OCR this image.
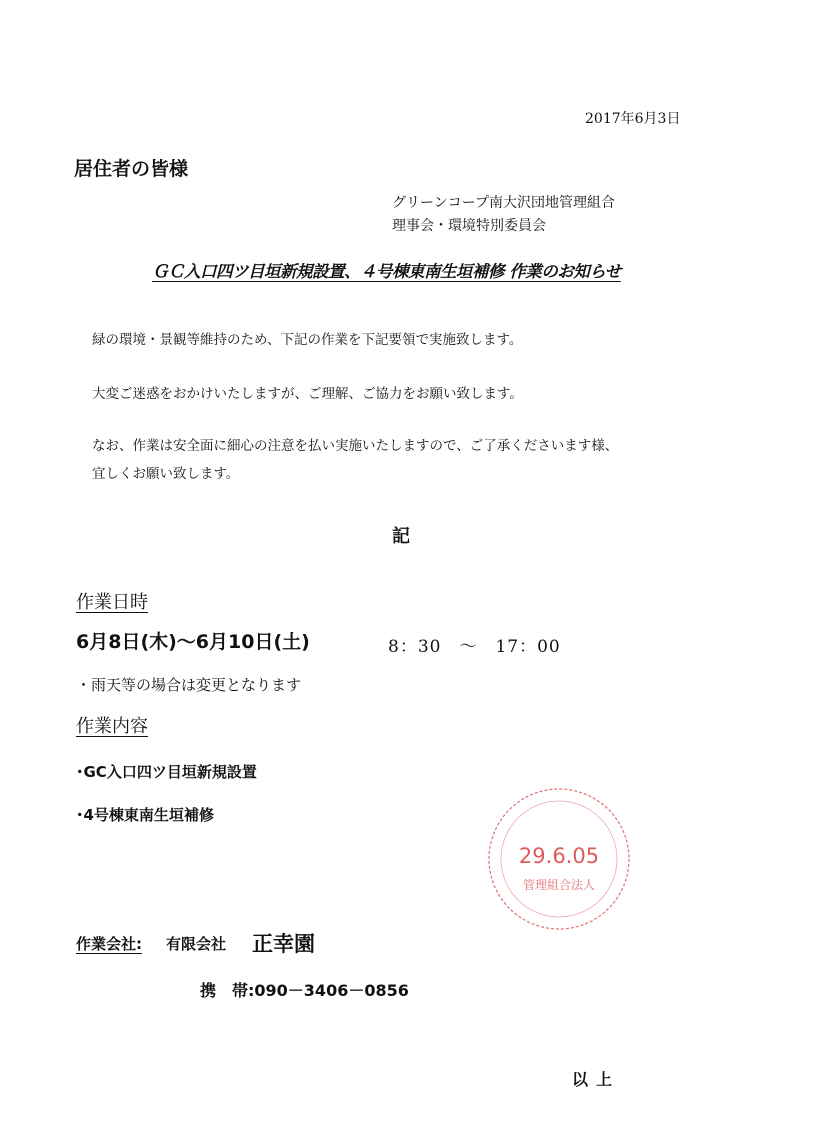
2017年6月3日
居住者の皆様
グリーンコープ南大沢団地管理組合
理事会・環境特別委員会
ＧＣ入口四ツ目垣新規設置、４号棟東南生垣補修 作業のお知らせ
緑の環境・景観等維持のため、下記の作業を下記要領で実施致します。
大変ご迷惑をおかけいたしますが、ご理解、ご協力をお願い致します。
なお、作業は安全面に細心の注意を払い実施いたしますので、ご了承くださいます様、
宜しくお願い致します。
記
作業日時
6月8日(木)〜6月10日(土)	8：30　〜　17：00
・雨天等の場合は変更となります
作業内容
･GC入口四ツ目垣新規設置
･4号棟東南生垣補修
作業会社: 有限会社 正幸園
携　帯:090－3406－0856
以上
29.6.05
管理組合法人
